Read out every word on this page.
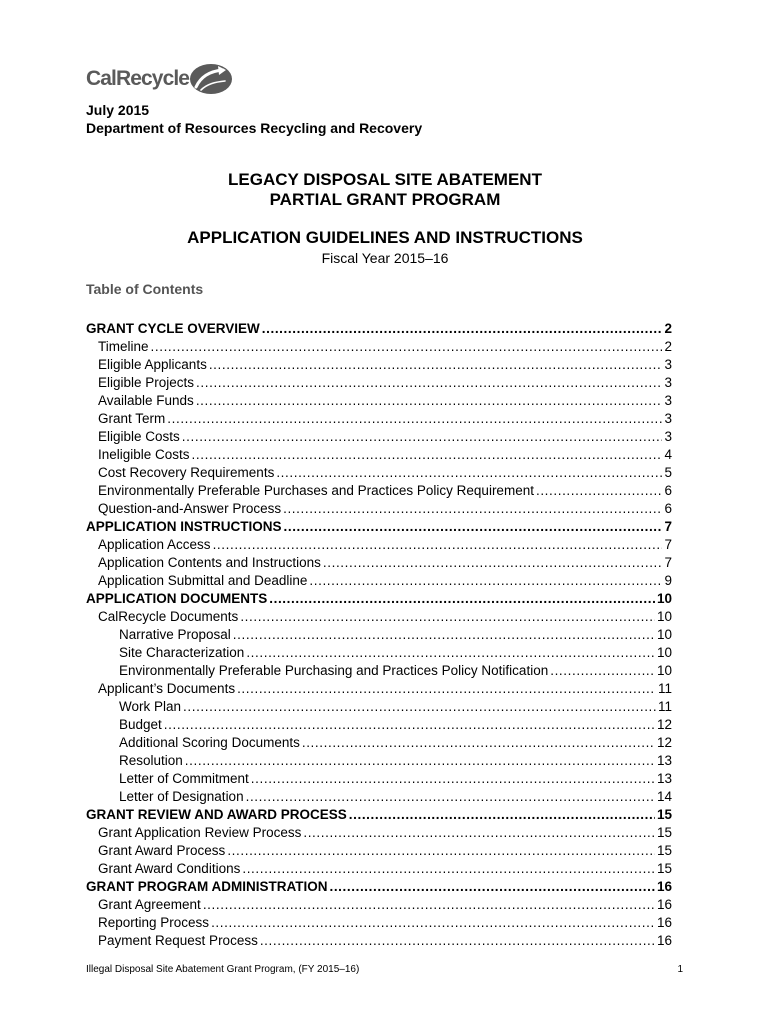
CalRecycle
July 2015
Department of Resources Recycling and Recovery
LEGACY DISPOSAL SITE ABATEMENT
PARTIAL GRANT PROGRAM
APPLICATION GUIDELINES AND INSTRUCTIONS
Fiscal Year 2015–16
Table of Contents
GRANT CYCLE OVERVIEW .....	2
Timeline .....	2
Eligible Applicants .....	3
Eligible Projects .....	3
Available Funds .....	3
Grant Term .....	3
Eligible Costs .....	3
Ineligible Costs .....	4
Cost Recovery Requirements .....	5
Environmentally Preferable Purchases and Practices Policy Requirement .....	6
Question-and-Answer Process .....	6
APPLICATION INSTRUCTIONS .....	7
Application Access .....	7
Application Contents and Instructions .....	7
Application Submittal and Deadline .....	9
APPLICATION DOCUMENTS .....	10
CalRecycle Documents .....	10
Narrative Proposal .....	10
Site Characterization .....	10
Environmentally Preferable Purchasing and Practices Policy Notification .....	10
Applicant’s Documents .....	11
Work Plan .....	11
Budget .....	12
Additional Scoring Documents .....	12
Resolution .....	13
Letter of Commitment .....	13
Letter of Designation .....	14
GRANT REVIEW AND AWARD PROCESS .....	15
Grant Application Review Process .....	15
Grant Award Process .....	15
Grant Award Conditions .....	15
GRANT PROGRAM ADMINISTRATION .....	16
Grant Agreement .....	16
Reporting Process .....	16
Payment Request Process .....	16
Illegal Disposal Site Abatement Grant Program, (FY 2015–16)	1
